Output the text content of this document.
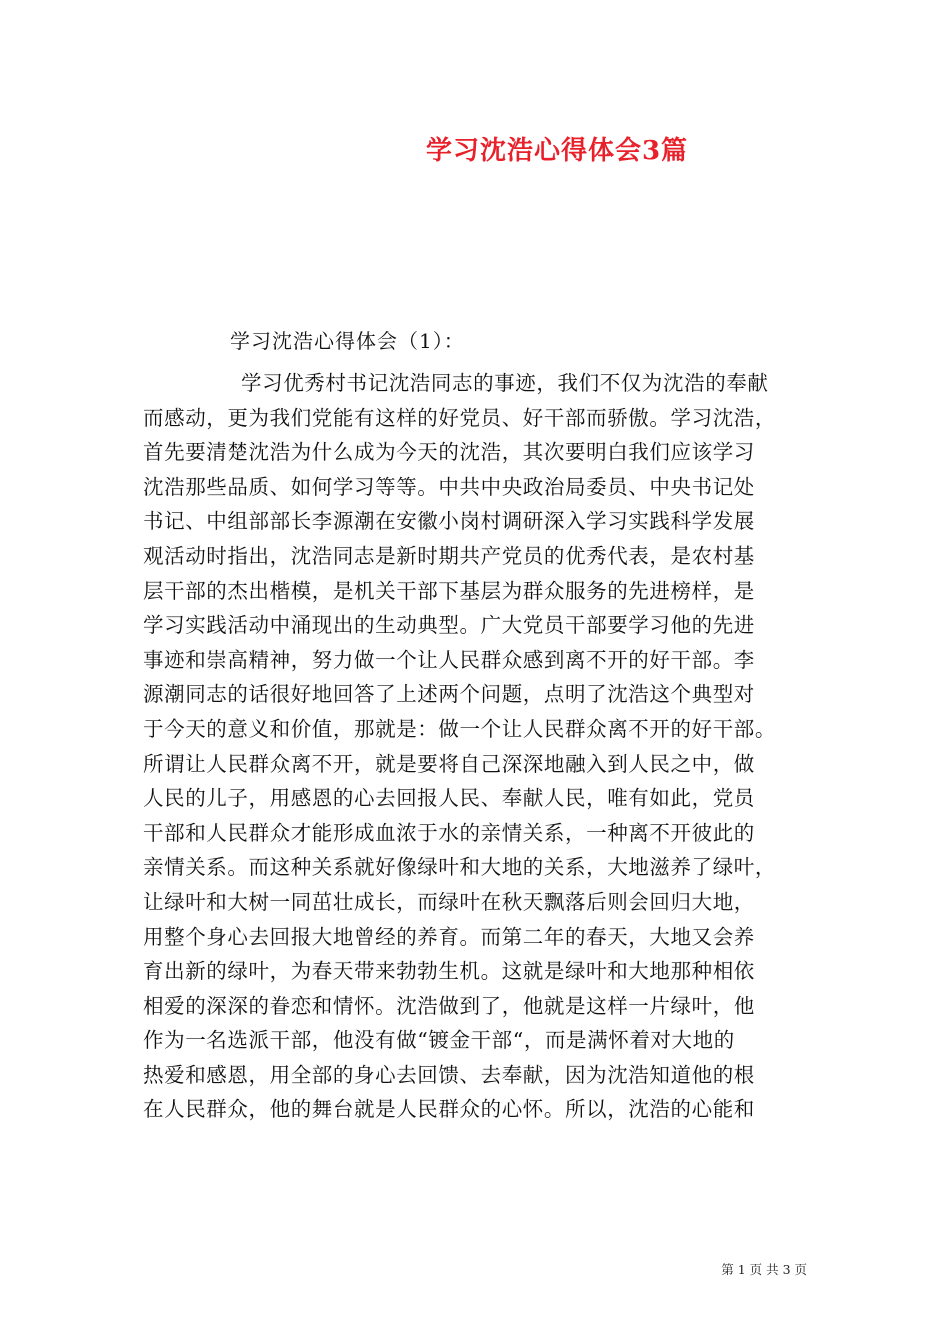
学习沈浩心得体会3篇
学习沈浩心得体会（1）：
学习优秀村书记沈浩同志的事迹，我们不仅为沈浩的奉献
而感动，更为我们党能有这样的好党员、好干部而骄傲。学习沈浩，
首先要清楚沈浩为什么成为今天的沈浩，其次要明白我们应该学习
沈浩那些品质、如何学习等等。中共中央政治局委员、中央书记处
书记、中组部部长李源潮在安徽小岗村调研深入学习实践科学发展
观活动时指出，沈浩同志是新时期共产党员的优秀代表，是农村基
层干部的杰出楷模，是机关干部下基层为群众服务的先进榜样，是
学习实践活动中涌现出的生动典型。广大党员干部要学习他的先进
事迹和崇高精神，努力做一个让人民群众感到离不开的好干部。李
源潮同志的话很好地回答了上述两个问题，点明了沈浩这个典型对
于今天的意义和价值，那就是：做一个让人民群众离不开的好干部。
所谓让人民群众离不开，就是要将自己深深地融入到人民之中，做
人民的儿子，用感恩的心去回报人民、奉献人民，唯有如此，党员
干部和人民群众才能形成血浓于水的亲情关系，一种离不开彼此的
亲情关系。而这种关系就好像绿叶和大地的关系，大地滋养了绿叶，
让绿叶和大树一同茁壮成长，而绿叶在秋天飘落后则会回归大地，
用整个身心去回报大地曾经的养育。而第二年的春天，大地又会养
育出新的绿叶，为春天带来勃勃生机。这就是绿叶和大地那种相依
相爱的深深的眷恋和情怀。沈浩做到了，他就是这样一片绿叶，他
作为一名选派干部，他没有做“镀金干部“，而是满怀着对大地的
热爱和感恩，用全部的身心去回馈、去奉献，因为沈浩知道他的根
在人民群众，他的舞台就是人民群众的心怀。所以，沈浩的心能和
第 1 页 共 3 页
